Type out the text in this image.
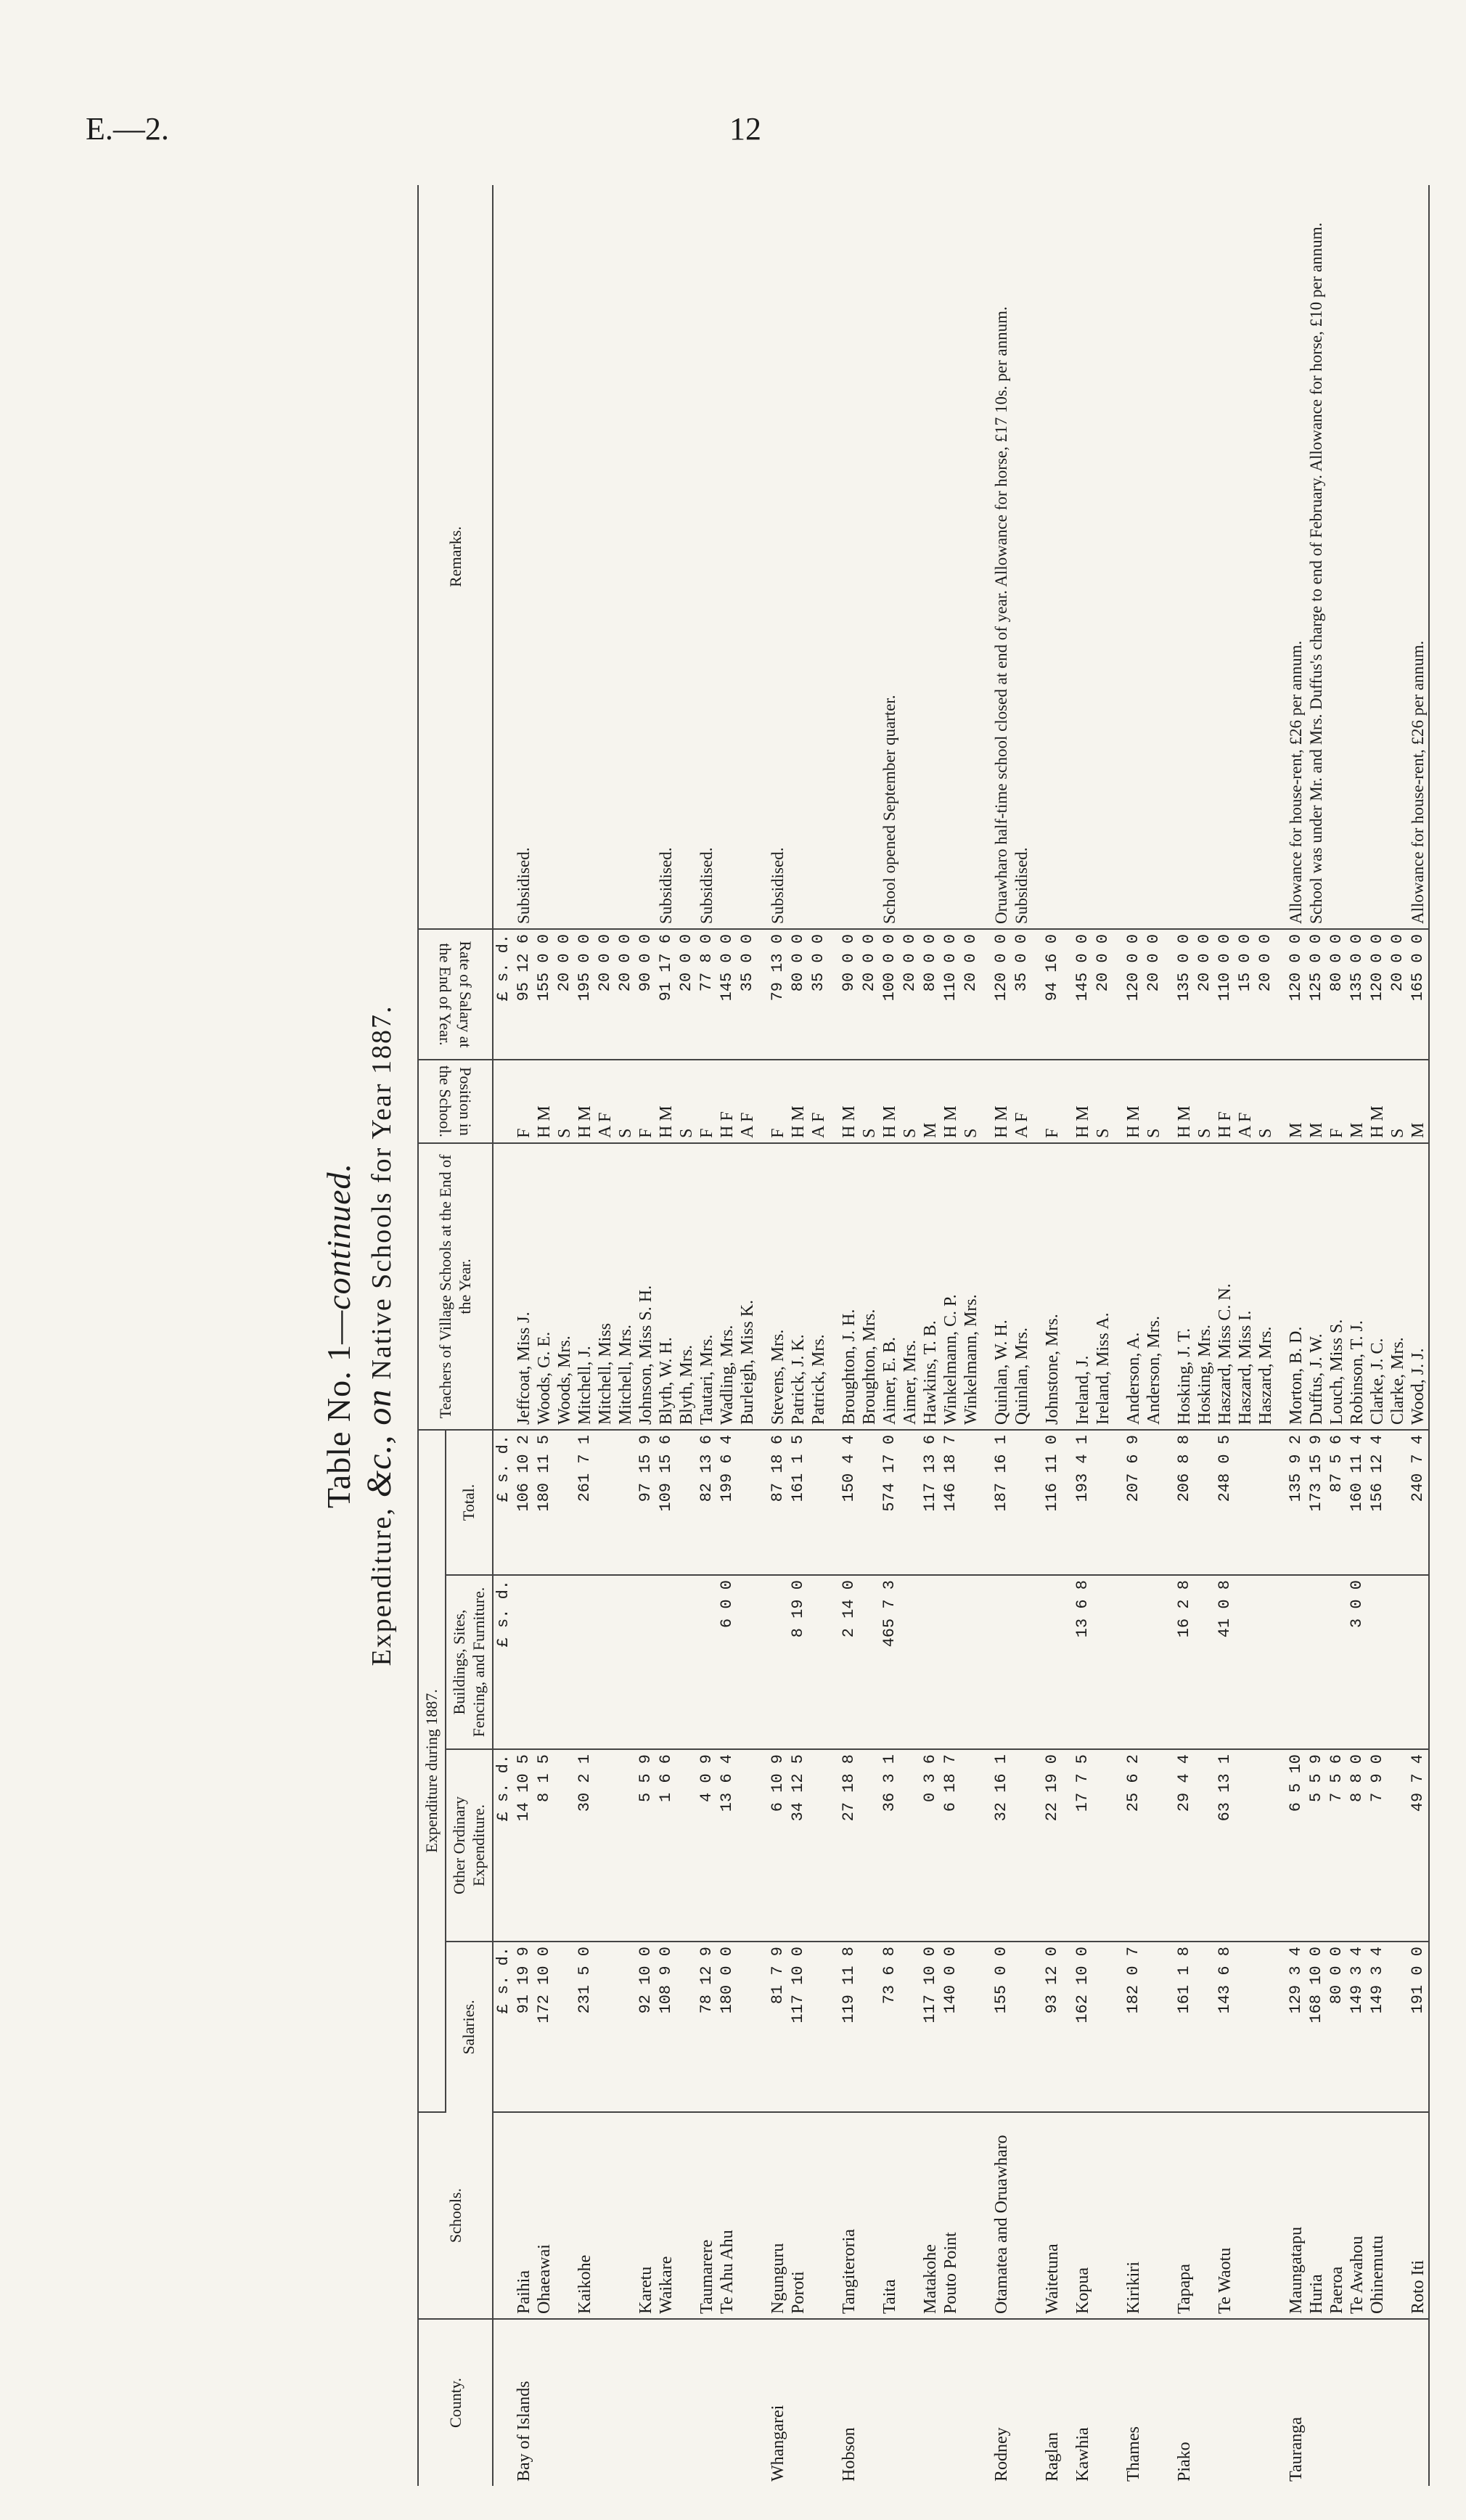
E.—2.	12
Table No. 1—continued.
Expenditure, &c., on Native Schools for Year 1887.
County.	Schools.	Expenditure during 1887.				Teachers of Village Schools at the End of the Year.	Position in the School.	Rate of Salary at the End of Year.	Remarks.
		Salaries.	Other Ordinary Expenditure.	Buildings, Sites, Fencing, and Furniture.	Total.				
		£ s. d.	£ s. d.	£ s. d.	£ s. d.			£ s. d.	
Bay of Islands	Paihia	91 19 9	14 10 5		106 10 2	Jeffcoat, Miss J.	F	95 12 6	Subsidised.
	Ohaeawai	172 10 0	8 1 5		180 11 5	Woods, G. E.	H M	155 0 0	
						Woods, Mrs.	S	20 0 0	
	Kaikohe	231 5 0	30 2 1		261 7 1	Mitchell, J.	H M	195 0 0	
						Mitchell, Miss	A F	20 0 0	
						Mitchell, Mrs.	S	20 0 0	
	Karetu	92 10 0	5 5 9		97 15 9	Johnson, Miss S. H.	F	90 0 0	
	Waikare	108 9 0	1 6 6		109 15 6	Blyth, W. H.	H M	91 17 6	Subsidised.
						Blyth, Mrs.	S	20 0 0	
	Taumarere	78 12 9	4 0 9		82 13 6	Tautari, Mrs.	F	77 8 0	Subsidised.
	Te Ahu Ahu	180 0 0	13 6 4	6 0 0	199 6 4	Wadling, Mrs.	H F	145 0 0	
						Burleigh, Miss K.	A F	35 0 0	

Whangarei	Ngunguru	81 7 9	6 10 9		87 18 6	Stevens, Mrs.	F	79 13 0	Subsidised.
	Poroti	117 10 0	34 12 5	8 19 0	161 1 5	Patrick, J. K.	H M	80 0 0	
						Patrick, Mrs.	A F	35 0 0	

Hobson	Tangiteroria	119 11 8	27 18 8	2 14 0	150 4 4	Broughton, J. H.	H M	90 0 0	
						Broughton, Mrs.	S	20 0 0	
	Taita	73 6 8	36 3 1	465 7 3	574 17 0	Aimer, E. B.	H M	100 0 0	School opened September quarter.
						Aimer, Mrs.	S	20 0 0	
	Matakohe	117 10 0	0 3 6		117 13 6	Hawkins, T. B.	M	80 0 0	
	Pouto Point	140 0 0	6 18 7		146 18 7	Winkelmann, C. P.	H M	110 0 0	
						Winkelmann, Mrs.	S	20 0 0	

Rodney	Otamatea and Oruawharo	155 0 0	32 16 1		187 16 1	Quinlan, W. H.	H M	120 0 0	Oruawharo half-time school closed at end of year. Allowance for horse, £17 10s. per annum.
						Quinlan, Mrs.	A F	35 0 0	Subsidised.

Raglan	Waitetuna	93 12 0	22 19 0		116 11 0	Johnstone, Mrs.	F	94 16 0	

Kawhia	Kopua	162 10 0	17 7 5	13 6 8	193 4 1	Ireland, J.	H M	145 0 0	
						Ireland, Miss A.	S	20 0 0	

Thames	Kirikiri	182 0 7	25 6 2		207 6 9	Anderson, A.	H M	120 0 0	
						Anderson, Mrs.	S	20 0 0	

Piako	Tapapa	161 1 8	29 4 4	16 2 8	206 8 8	Hosking, J. T.	H M	135 0 0	
						Hosking, Mrs.	S	20 0 0	
	Te Waotu	143 6 8	63 13 1	41 0 8	248 0 5	Haszard, Miss C. N.	H F	110 0 0	
						Haszard, Miss I.	A F	15 0 0	
						Haszard, Mrs.	S	20 0 0	

Tauranga	Maungatapu	129 3 4	6 5 10		135 9 2	Morton, B. D.	M	120 0 0	Allowance for house-rent, £26 per annum.
	Huria	168 10 0	5 5 9		173 15 9	Duffus, J. W.	M	125 0 0	School was under Mr. and Mrs. Duffus's charge to end of February. Allowance for horse, £10 per annum.
	Paeroa	80 0 0	7 5 6		87 5 6	Louch, Miss S.	F	80 0 0	
	Te Awahou	149 3 4	8 8 0	3 0 0	160 11 4	Robinson, T. J.	M	135 0 0	
	Ohinemutu	149 3 4	7 9 0		156 12 4	Clarke, J. C.	H M	120 0 0	
						Clarke, Mrs.	S	20 0 0	
	Roto Iti	191 0 0	49 7 4		240 7 4	Wood, J. J.	M	165 0 0	Allowance for house-rent, £26 per annum.
